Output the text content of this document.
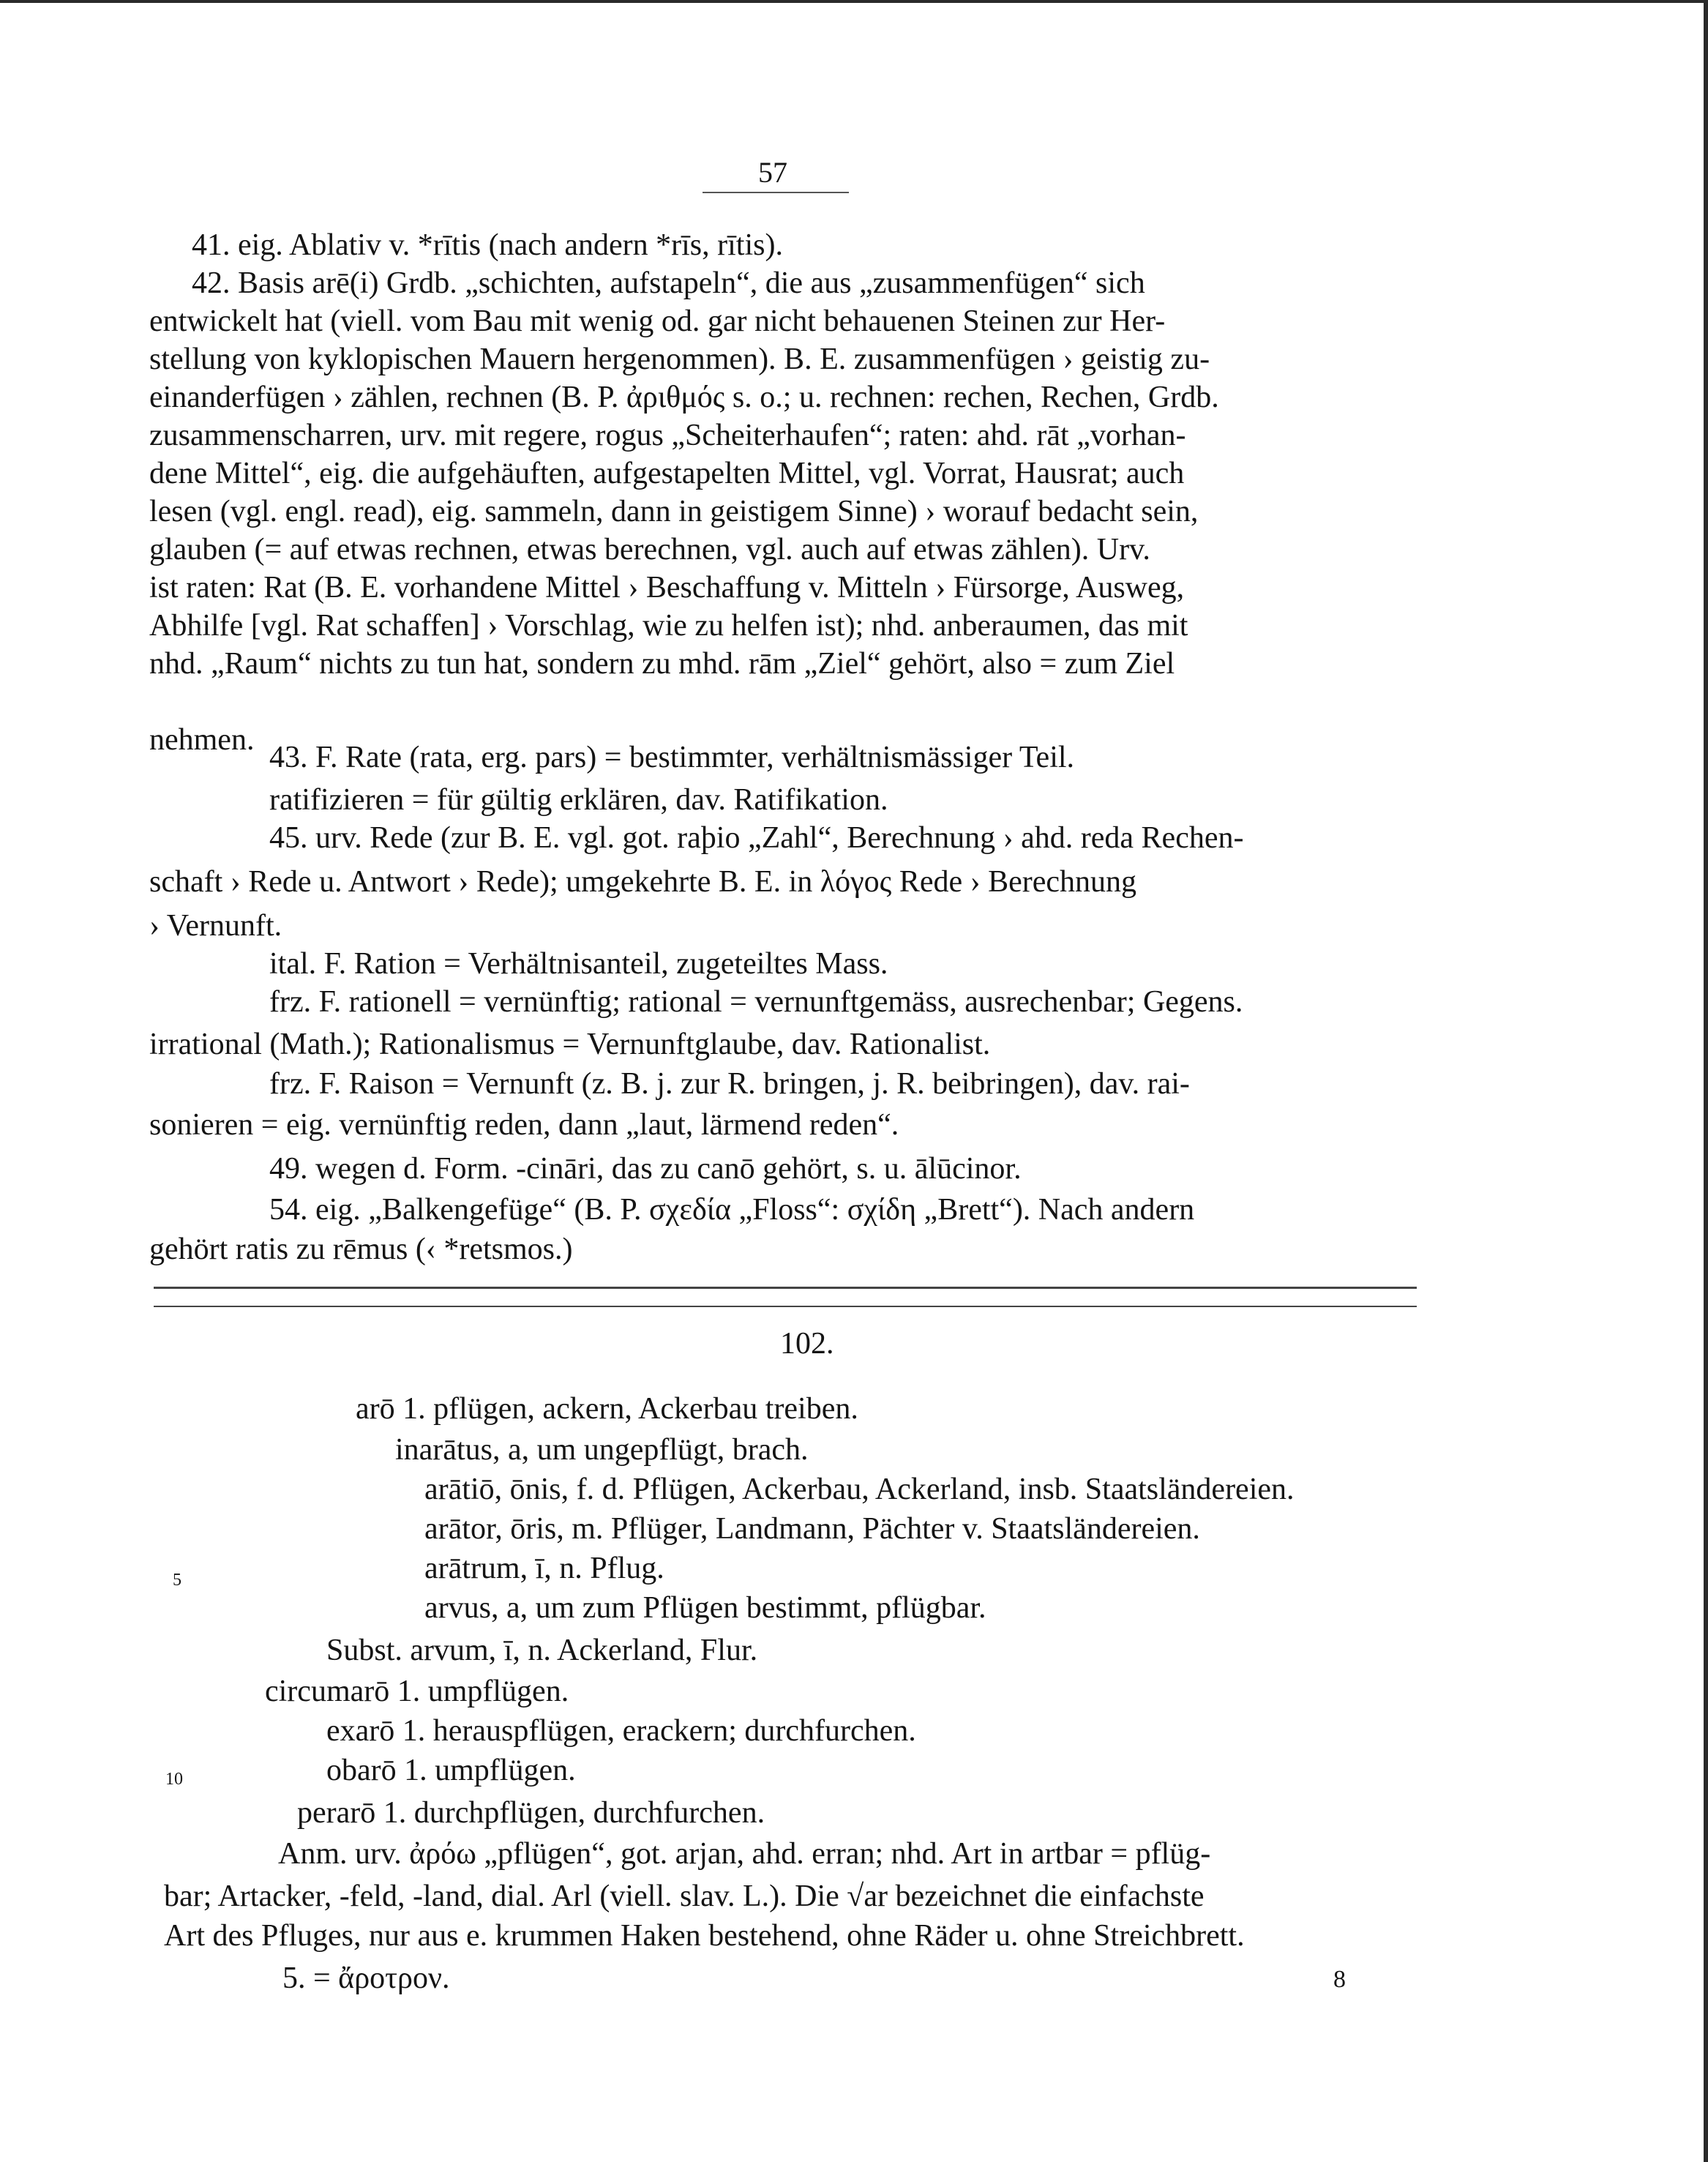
57
41. eig. Ablativ v. *rītis (nach andern *rīs, rītis).
42. Basis arē(i) Grdb. „schichten, aufstapeln“, die aus „zusammenfügen“ sich
entwickelt hat (viell. vom Bau mit wenig od. gar nicht behauenen Steinen zur Her-
stellung von kyklopischen Mauern hergenommen). B. E. zusammenfügen › geistig zu-
einanderfügen › zählen, rechnen (B. P. ἀριθμός s. o.; u. rechnen: rechen, Rechen, Grdb.
zusammenscharren, urv. mit regere, rogus „Scheiterhaufen“; raten: ahd. rāt „vorhan-
dene Mittel“, eig. die aufgehäuften, aufgestapelten Mittel, vgl. Vorrat, Hausrat; auch
lesen (vgl. engl. read), eig. sammeln, dann in geistigem Sinne) › worauf bedacht sein,
glauben (= auf etwas rechnen, etwas berechnen, vgl. auch auf etwas zählen). Urv.
ist raten: Rat (B. E. vorhandene Mittel › Beschaffung v. Mitteln › Fürsorge, Ausweg,
Abhilfe [vgl. Rat schaffen] › Vorschlag, wie zu helfen ist); nhd. anberaumen, das mit
nhd. „Raum“ nichts zu tun hat, sondern zu mhd. rām „Ziel“ gehört, also = zum Ziel
nehmen.
43. F. Rate (rata, erg. pars) = bestimmter, verhältnismässiger Teil.
ratifizieren = für gültig erklären, dav. Ratifikation.
45. urv. Rede (zur B. E. vgl. got. raþio „Zahl“, Berechnung › ahd. reda Rechen-
schaft › Rede u. Antwort › Rede); umgekehrte B. E. in λόγος Rede › Berechnung
› Vernunft.
ital. F. Ration = Verhältnisanteil, zugeteiltes Mass.
frz. F. rationell = vernünftig; rational = vernunftgemäss, ausrechenbar; Gegens.
irrational (Math.); Rationalismus = Vernunftglaube, dav. Rationalist.
frz. F. Raison = Vernunft (z. B. j. zur R. bringen, j. R. beibringen), dav. rai-
sonieren = eig. vernünftig reden, dann „laut, lärmend reden“.
49. wegen d. Form. -cināri, das zu canō gehört, s. u. ālūcinor.
54. eig. „Balkengefüge“ (B. P. σχεδία „Floss“: σχίδη „Brett“). Nach andern
gehört ratis zu rēmus (‹ *retsmos.)
102.
arō 1. pflügen, ackern, Ackerbau treiben.
inarātus, a, um ungepflügt, brach.
arātiō, ōnis, f. d. Pflügen, Ackerbau, Ackerland, insb. Staatsländereien.
arātor, ōris, m. Pflüger, Landmann, Pächter v. Staatsländereien.
arātrum, ī, n. Pflug.
arvus, a, um zum Pflügen bestimmt, pflügbar.
Subst. arvum, ī, n. Ackerland, Flur.
circumarō 1. umpflügen.
exarō 1. herauspflügen, erackern; durchfurchen.
obarō 1. umpflügen.
perarō 1. durchpflügen, durchfurchen.
5
10
Anm. urv. ἀρόω „pflügen“, got. arjan, ahd. erran; nhd. Art in artbar = pflüg-
bar; Artacker, -feld, -land, dial. Arl (viell. slav. L.). Die √ar bezeichnet die einfachste
Art des Pfluges, nur aus e. krummen Haken bestehend, ohne Räder u. ohne Streichbrett.
5. = ἄροτρον.	8
